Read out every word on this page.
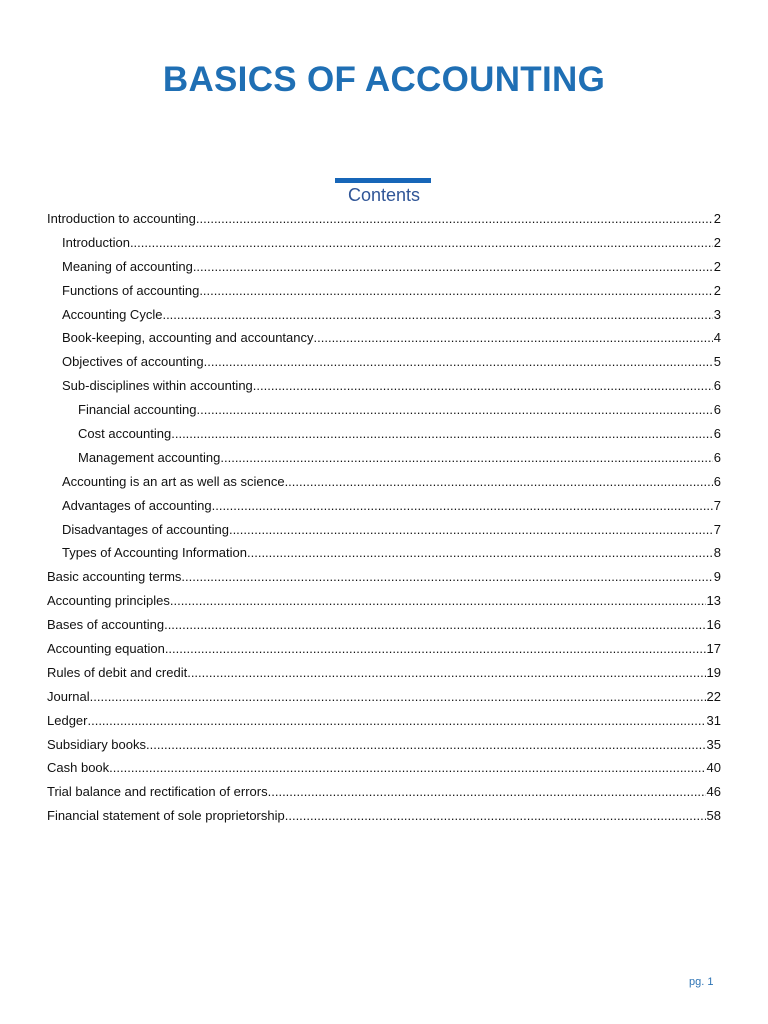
BASICS OF ACCOUNTING
Contents
Introduction to accounting .....	2
Introduction .....	2
Meaning of accounting .....	2
Functions of accounting .....	2
Accounting Cycle .....	3
Book-keeping, accounting and accountancy .....	4
Objectives of accounting .....	5
Sub-disciplines within accounting .....	6
Financial accounting .....	6
Cost accounting .....	6
Management accounting .....	6
Accounting is an art as well as science .....	6
Advantages of accounting .....	7
Disadvantages of accounting .....	7
Types of Accounting Information .....	8
Basic accounting terms .....	9
Accounting principles .....	13
Bases of accounting .....	16
Accounting equation .....	17
Rules of debit and credit .....	19
Journal .....	22
Ledger .....	31
Subsidiary books .....	35
Cash book .....	40
Trial balance and rectification of errors .....	46
Financial statement of sole proprietorship .....	58
pg. 1
